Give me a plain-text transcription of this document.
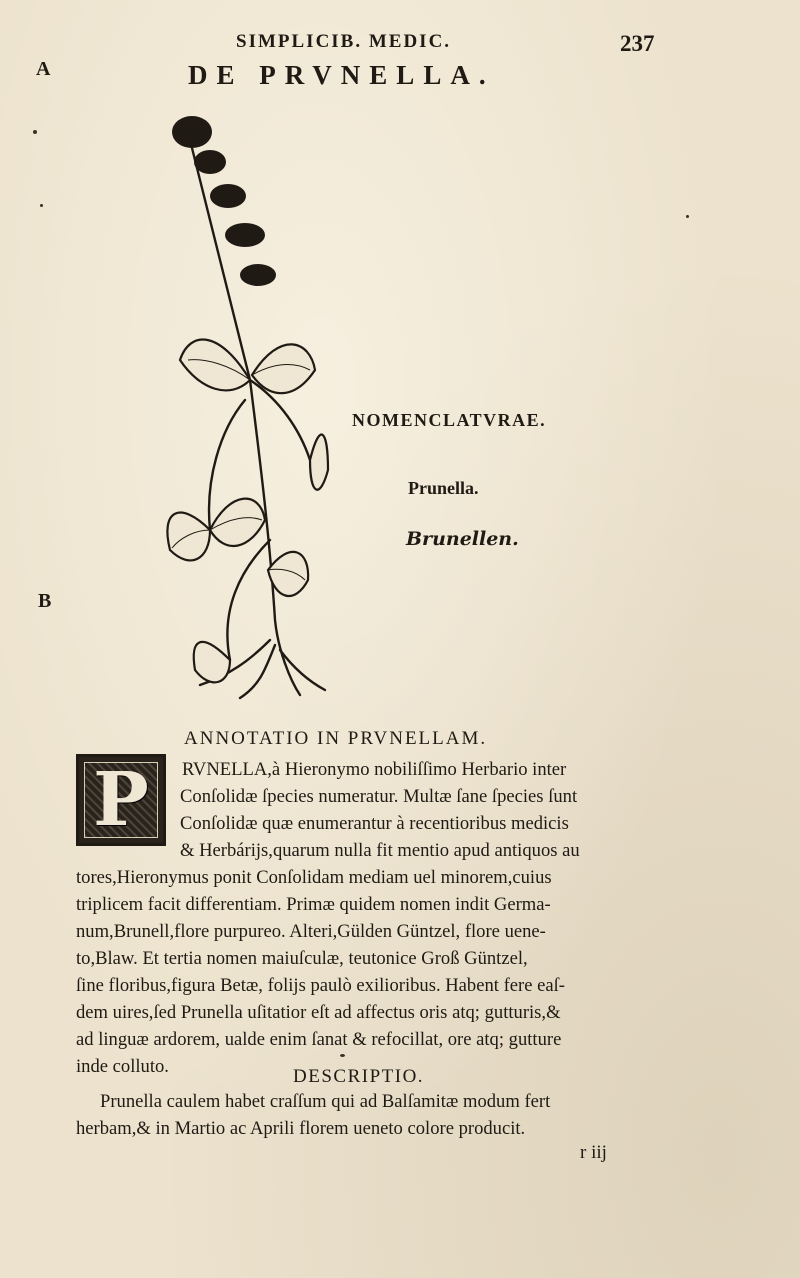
SIMPLICIB. MEDIC.	237
A	DE PRVNELLA.
B
NOMENCLATVRAE.
Prunella.
Brunellen.
ANNOTATIO IN PRVNELLAM.
P	RVNELLA,à Hieronymo nobiliſſimo Herbario inter
Conſolidæ ſpecies numeratur. Multæ ſane ſpecies ſunt
Conſolidæ quæ enumerantur à recentioribus medicis
& Herbárijs,quarum nulla fit mentio apud antiquos au
tores,Hieronymus ponit Conſolidam mediam uel minorem,cuius
triplicem facit differentiam. Primæ quidem nomen indit Germa-
num,Brunell,flore purpureo. Alteri,Gülden Güntzel, flore uene-
to,Blaw. Et tertia nomen maiuſculæ, teutonice Groß Güntzel,
ſine floribus,figura Betæ, folijs paulò exilioribus. Habent fere eaſ-
dem uires,ſed Prunella uſitatior eſt ad affectus oris atq; gutturis,&
ad linguæ ardorem, ualde enim ſanat & refocillat, ore atq; gutture
inde colluto.	DESCRIPTIO.
Prunella caulem habet craſſum qui ad Balſamitæ modum fert
herbam,& in Martio ac Aprili florem ueneto colore producit.
r iij
